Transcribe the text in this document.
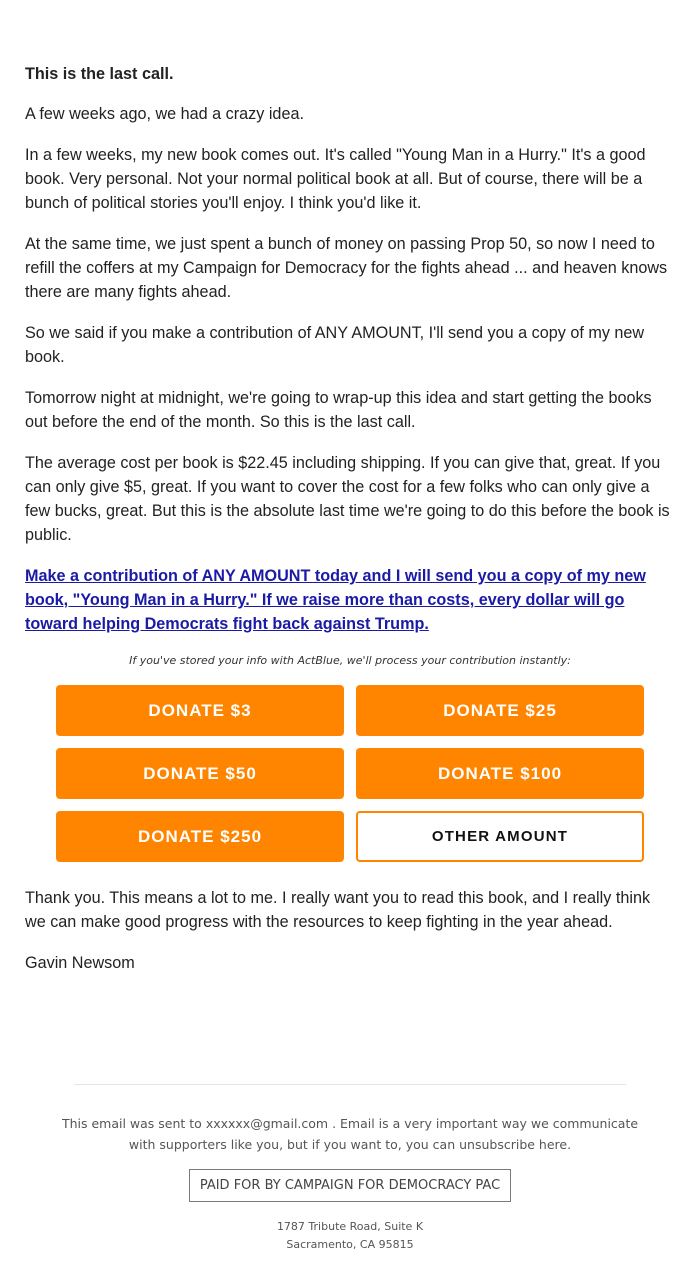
This is the last call.

A few weeks ago, we had a crazy idea.

In a few weeks, my new book comes out. It's called "Young Man in a Hurry." It's a good book. Very personal. Not your normal political book at all. But of course, there will be a bunch of political stories you'll enjoy. I think you'd like it.

At the same time, we just spent a bunch of money on passing Prop 50, so now I need to refill the coffers at my Campaign for Democracy for the fights ahead ... and heaven knows there are many fights ahead.

So we said if you make a contribution of ANY AMOUNT, I'll send you a copy of my new book.

Tomorrow night at midnight, we're going to wrap-up this idea and start getting the books out before the end of the month. So this is the last call.

The average cost per book is $22.45 including shipping. If you can give that, great. If you can only give $5, great. If you want to cover the cost for a few folks who can only give a few bucks, great. But this is the absolute last time we're going to do this before the book is public.

Make a contribution of ANY AMOUNT today and I will send you a copy of my new book, "Young Man in a Hurry." If we raise more than costs, every dollar will go toward helping Democrats fight back against Trump.

If you've stored your info with ActBlue, we'll process your contribution instantly:

DONATE $3	DONATE $25
DONATE $50	DONATE $100
DONATE $250	OTHER AMOUNT

Thank you. This means a lot to me. I really want you to read this book, and I really think we can make good progress with the resources to keep fighting in the year ahead.

Gavin Newsom

This email was sent to xxxxxx@gmail.com . Email is a very important way we communicate with supporters like you, but if you want to, you can unsubscribe here.
PAID FOR BY CAMPAIGN FOR DEMOCRACY PAC
1787 Tribute Road, Suite K
Sacramento, CA 95815
